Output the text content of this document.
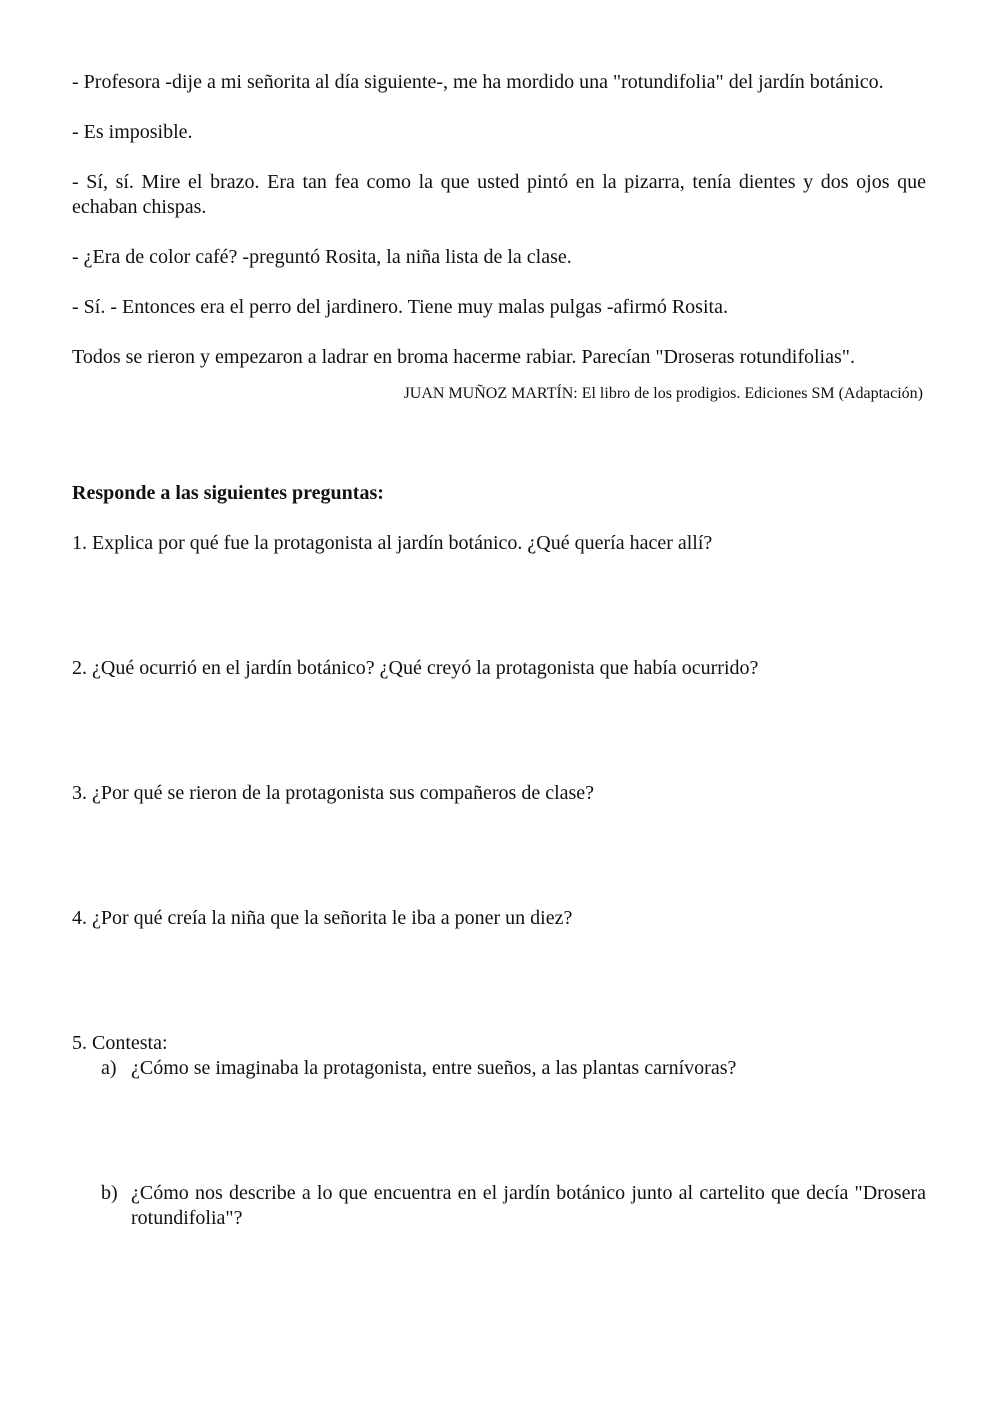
- Profesora -dije a mi señorita al día siguiente-, me ha mordido una "rotundifolia" del jardín botánico.

- Es imposible.

- Sí, sí. Mire el brazo. Era tan fea como la que usted pintó en la pizarra, tenía dientes y dos ojos que echaban chispas.

- ¿Era de color café? -preguntó Rosita, la niña lista de la clase.

- Sí. - Entonces era el perro del jardinero. Tiene muy malas pulgas -afirmó Rosita.

Todos se rieron y empezaron a ladrar en broma hacerme rabiar. Parecían "Droseras rotundifolias".

JUAN MUÑOZ MARTÍN: El libro de los prodigios. Ediciones SM (Adaptación)

Responde a las siguientes preguntas:

1. Explica por qué fue la protagonista al jardín botánico. ¿Qué quería hacer allí?

2. ¿Qué ocurrió en el jardín botánico? ¿Qué creyó la protagonista que había ocurrido?

3. ¿Por qué se rieron de la protagonista sus compañeros de clase?

4. ¿Por qué creía la niña que la señorita le iba a poner un diez?

5. Contesta:

a) ¿Cómo se imaginaba la protagonista, entre sueños, a las plantas carnívoras?
b) ¿Cómo nos describe a lo que encuentra en el jardín botánico junto al cartelito que decía "Drosera rotundifolia"?
